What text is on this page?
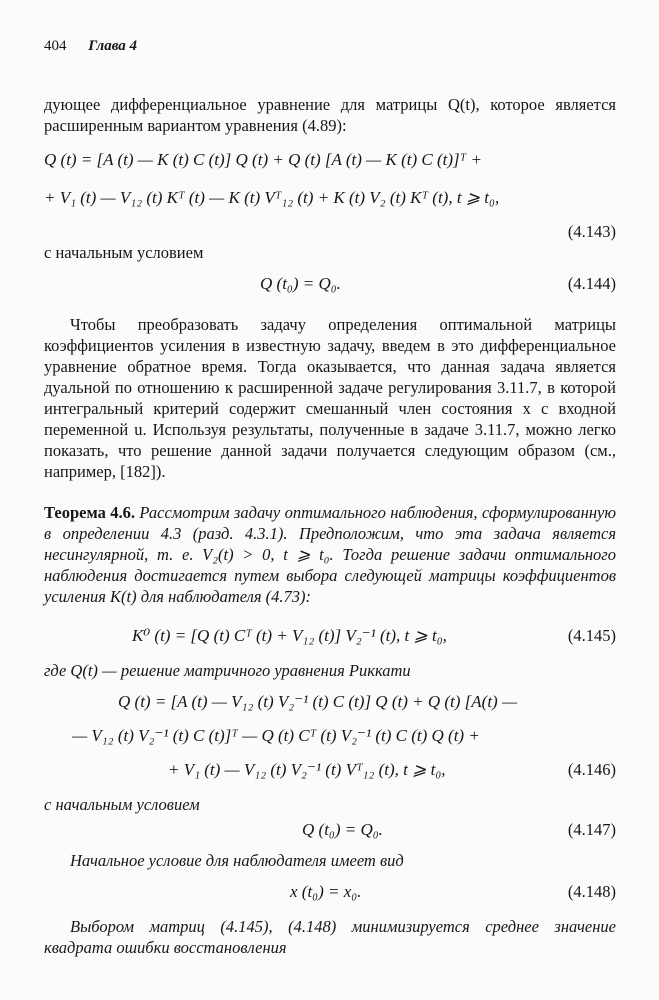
404 Глава 4
дующее дифференциальное уравнение для матрицы Q(t), которое является расширенным вариантом уравнения (4.89):
Q (t) = [A (t) — K (t) C (t)] Q (t) + Q (t) [A (t) — K (t) C (t)]ᵀ +
+ V₁ (t) — V₁₂ (t) Kᵀ (t) — K (t) Vᵀ₁₂ (t) + K (t) V₂ (t) Kᵀ (t), t ⩾ t₀,
(4.143)
с начальным условием
Q (t₀) = Q₀.	(4.144)
Чтобы преобразовать задачу определения оптимальной матрицы коэффициентов усиления в известную задачу, введем в это дифференциальное уравнение обратное время. Тогда оказывается, что данная задача является дуальной по отношению к расширенной задаче регулирования 3.11.7, в которой интегральный критерий содержит смешанный член состояния x с входной переменной u. Используя результаты, полученные в задаче 3.11.7, можно легко показать, что решение данной задачи получается следующим образом (см., например, [182]).
Теорема 4.6. Рассмотрим задачу оптимального наблюдения, сформулированную в определении 4.3 (разд. 4.3.1). Предположим, что эта задача является несингулярной, т. е. V₂(t) > 0, t ⩾ t₀. Тогда решение задачи оптимального наблюдения достигается путем выбора следующей матрицы коэффициентов усиления K(t) для наблюдателя (4.73):
K⁰ (t) = [Q (t) Cᵀ (t) + V₁₂ (t)] V₂⁻¹ (t), t ⩾ t₀,	(4.145)
где Q(t) — решение матричного уравнения Риккати
Q (t) = [A (t) — V₁₂ (t) V₂⁻¹ (t) C (t)] Q (t) + Q (t) [A(t) —
— V₁₂ (t) V₂⁻¹ (t) C (t)]ᵀ — Q (t) Cᵀ (t) V₂⁻¹ (t) C (t) Q (t) +
+ V₁ (t) — V₁₂ (t) V₂⁻¹ (t) Vᵀ₁₂ (t), t ⩾ t₀,	(4.146)
с начальным условием
Q (t₀) = Q₀.	(4.147)
Начальное условие для наблюдателя имеет вид
x (t₀) = x₀.	(4.148)
Выбором матриц (4.145), (4.148) минимизируется среднее значение квадрата ошибки восстановления
